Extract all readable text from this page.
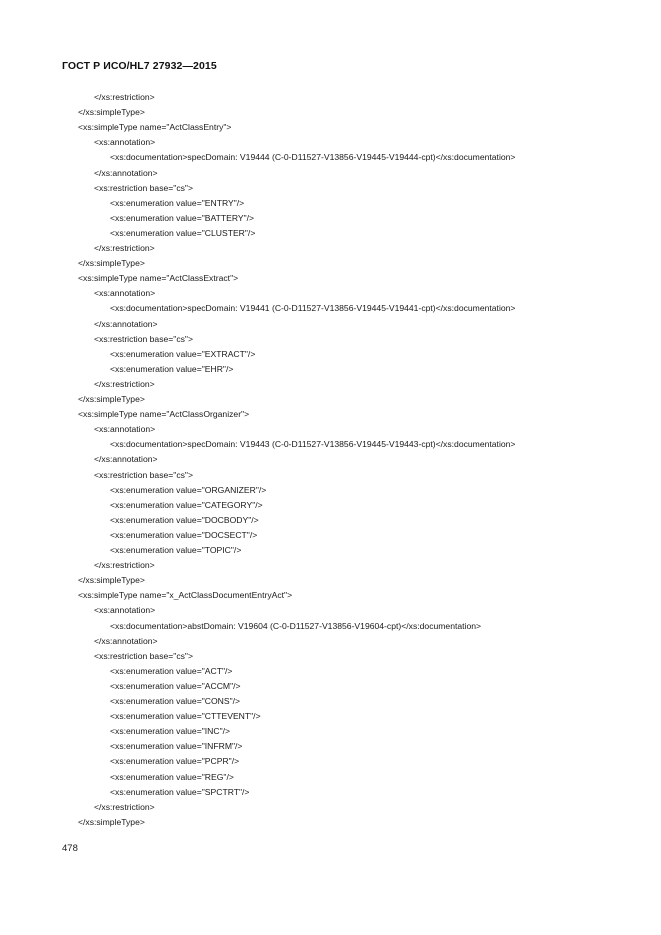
ГОСТ Р ИСО/HL7 27932—2015
</xs:restriction>
</xs:simpleType>
<xs:simpleType name="ActClassEntry">
<xs:annotation>
<xs:documentation>specDomain: V19444 (C-0-D11527-V13856-V19445-V19444-cpt)</xs:documentation>
</xs:annotation>
<xs:restriction base="cs">
<xs:enumeration value="ENTRY"/>
<xs:enumeration value="BATTERY"/>
<xs:enumeration value="CLUSTER"/>
</xs:restriction>
</xs:simpleType>
<xs:simpleType name="ActClassExtract">
<xs:annotation>
<xs:documentation>specDomain: V19441 (C-0-D11527-V13856-V19445-V19441-cpt)</xs:documentation>
</xs:annotation>
<xs:restriction base="cs">
<xs:enumeration value="EXTRACT"/>
<xs:enumeration value="EHR"/>
</xs:restriction>
</xs:simpleType>
<xs:simpleType name="ActClassOrganizer">
<xs:annotation>
<xs:documentation>specDomain: V19443 (C-0-D11527-V13856-V19445-V19443-cpt)</xs:documentation>
</xs:annotation>
<xs:restriction base="cs">
<xs:enumeration value="ORGANIZER"/>
<xs:enumeration value="CATEGORY"/>
<xs:enumeration value="DOCBODY"/>
<xs:enumeration value="DOCSECT"/>
<xs:enumeration value="TOPIC"/>
</xs:restriction>
</xs:simpleType>
<xs:simpleType name="x_ActClassDocumentEntryAct">
<xs:annotation>
<xs:documentation>abstDomain: V19604 (C-0-D11527-V13856-V19604-cpt)</xs:documentation>
</xs:annotation>
<xs:restriction base="cs">
<xs:enumeration value="ACT"/>
<xs:enumeration value="ACCM"/>
<xs:enumeration value="CONS"/>
<xs:enumeration value="CTTEVENT"/>
<xs:enumeration value="INC"/>
<xs:enumeration value="INFRM"/>
<xs:enumeration value="PCPR"/>
<xs:enumeration value="REG"/>
<xs:enumeration value="SPCTRT"/>
</xs:restriction>
</xs:simpleType>
478
